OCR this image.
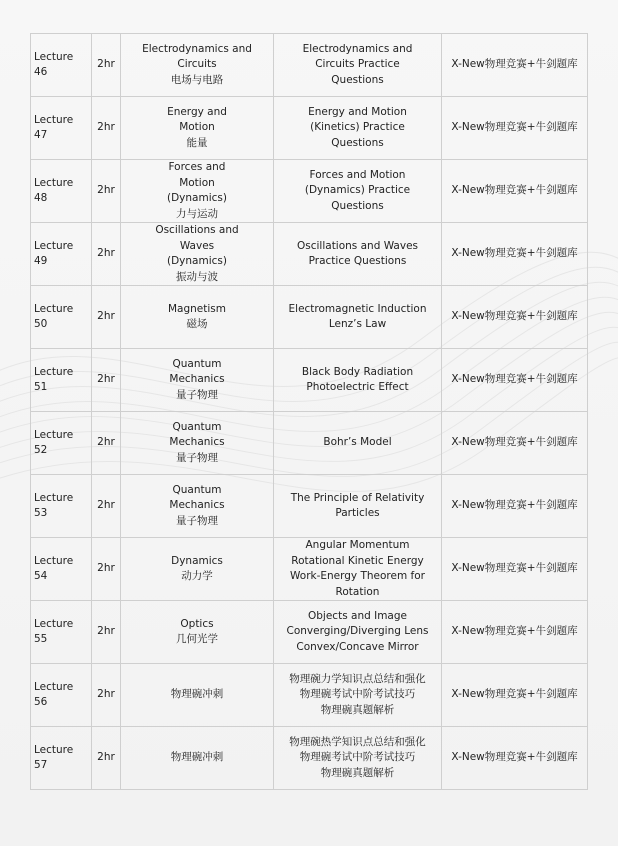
Lecture 46	2hr	Electrodynamics and
Circuits
电场与电路	Electrodynamics and
Circuits Practice
Questions	X-New物理竞赛+牛剑题库
Lecture 47	2hr	Energy and
Motion
能量	Energy and Motion
(Kinetics) Practice
Questions	X-New物理竞赛+牛剑题库
Lecture 48	2hr	Forces and
Motion
(Dynamics)
力与运动	Forces and Motion
(Dynamics) Practice
Questions	X-New物理竞赛+牛剑题库
Lecture 49	2hr	Oscillations and
Waves
(Dynamics)
振动与波	Oscillations and Waves
Practice Questions	X-New物理竞赛+牛剑题库
Lecture 50	2hr	Magnetism
磁场	Electromagnetic Induction
Lenz’s Law	X-New物理竞赛+牛剑题库
Lecture 51	2hr	Quantum
Mechanics
量子物理	Black Body Radiation
Photoelectric Effect	X-New物理竞赛+牛剑题库
Lecture 52	2hr	Quantum
Mechanics
量子物理	Bohr’s Model	X-New物理竞赛+牛剑题库
Lecture 53	2hr	Quantum
Mechanics
量子物理	The Principle of Relativity
Particles	X-New物理竞赛+牛剑题库
Lecture 54	2hr	Dynamics
动力学	Angular Momentum
Rotational Kinetic Energy
Work-Energy Theorem for
Rotation	X-New物理竞赛+牛剑题库
Lecture 55	2hr	Optics
几何光学	Objects and Image
Converging/Diverging Lens
Convex/Concave Mirror	X-New物理竞赛+牛剑题库
Lecture 56	2hr	物理碗冲刺	物理碗力学知识点总结和强化
物理碗考试中阶考试技巧
物理碗真题解析	X-New物理竞赛+牛剑题库
Lecture 57	2hr	物理碗冲刺	物理碗热学知识点总结和强化
物理碗考试中阶考试技巧
物理碗真题解析	X-New物理竞赛+牛剑题库
